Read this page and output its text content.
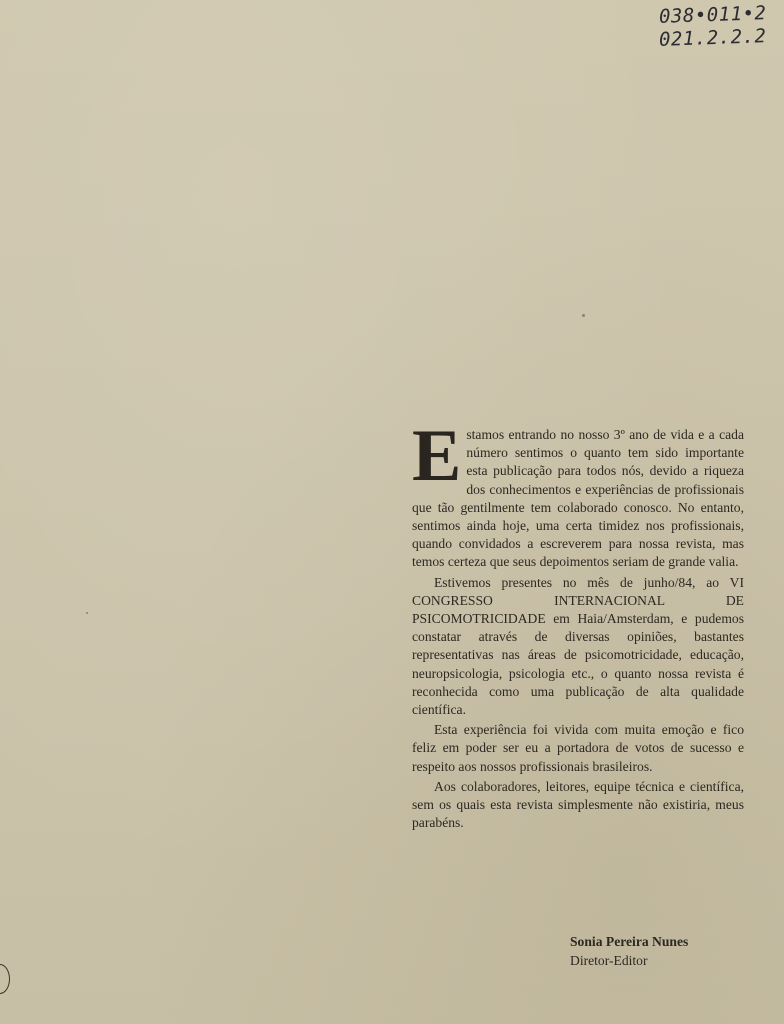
038•011•2
021.2.2.2

E stamos entrando no nosso 3º ano de vida e a cada número sentimos o quanto tem sido importante esta publicação para todos nós, devido a riqueza dos conhecimentos e experiências de profissionais que tão gentilmente tem colaborado conosco. No entanto, sentimos ainda hoje, uma certa timidez nos profissionais, quando convidados a escreverem para nossa revista, mas temos certeza que seus depoimentos seriam de grande valia.

Estivemos presentes no mês de junho/84, ao VI CONGRESSO INTERNACIONAL DE PSICOMOTRICIDADE em Haia/Amsterdam, e pudemos constatar através de diversas opiniões, bastantes representativas nas áreas de psicomotricidade, educação, neuropsicologia, psicologia etc., o quanto nossa revista é reconhecida como uma publicação de alta qualidade científica.

Esta experiência foi vivida com muita emoção e fico feliz em poder ser eu a portadora de votos de sucesso e respeito aos nossos profissionais brasileiros.

Aos colaboradores, leitores, equipe técnica e científica, sem os quais esta revista simplesmente não existiria, meus parabéns.

Sonia Pereira Nunes
Diretor-Editor
